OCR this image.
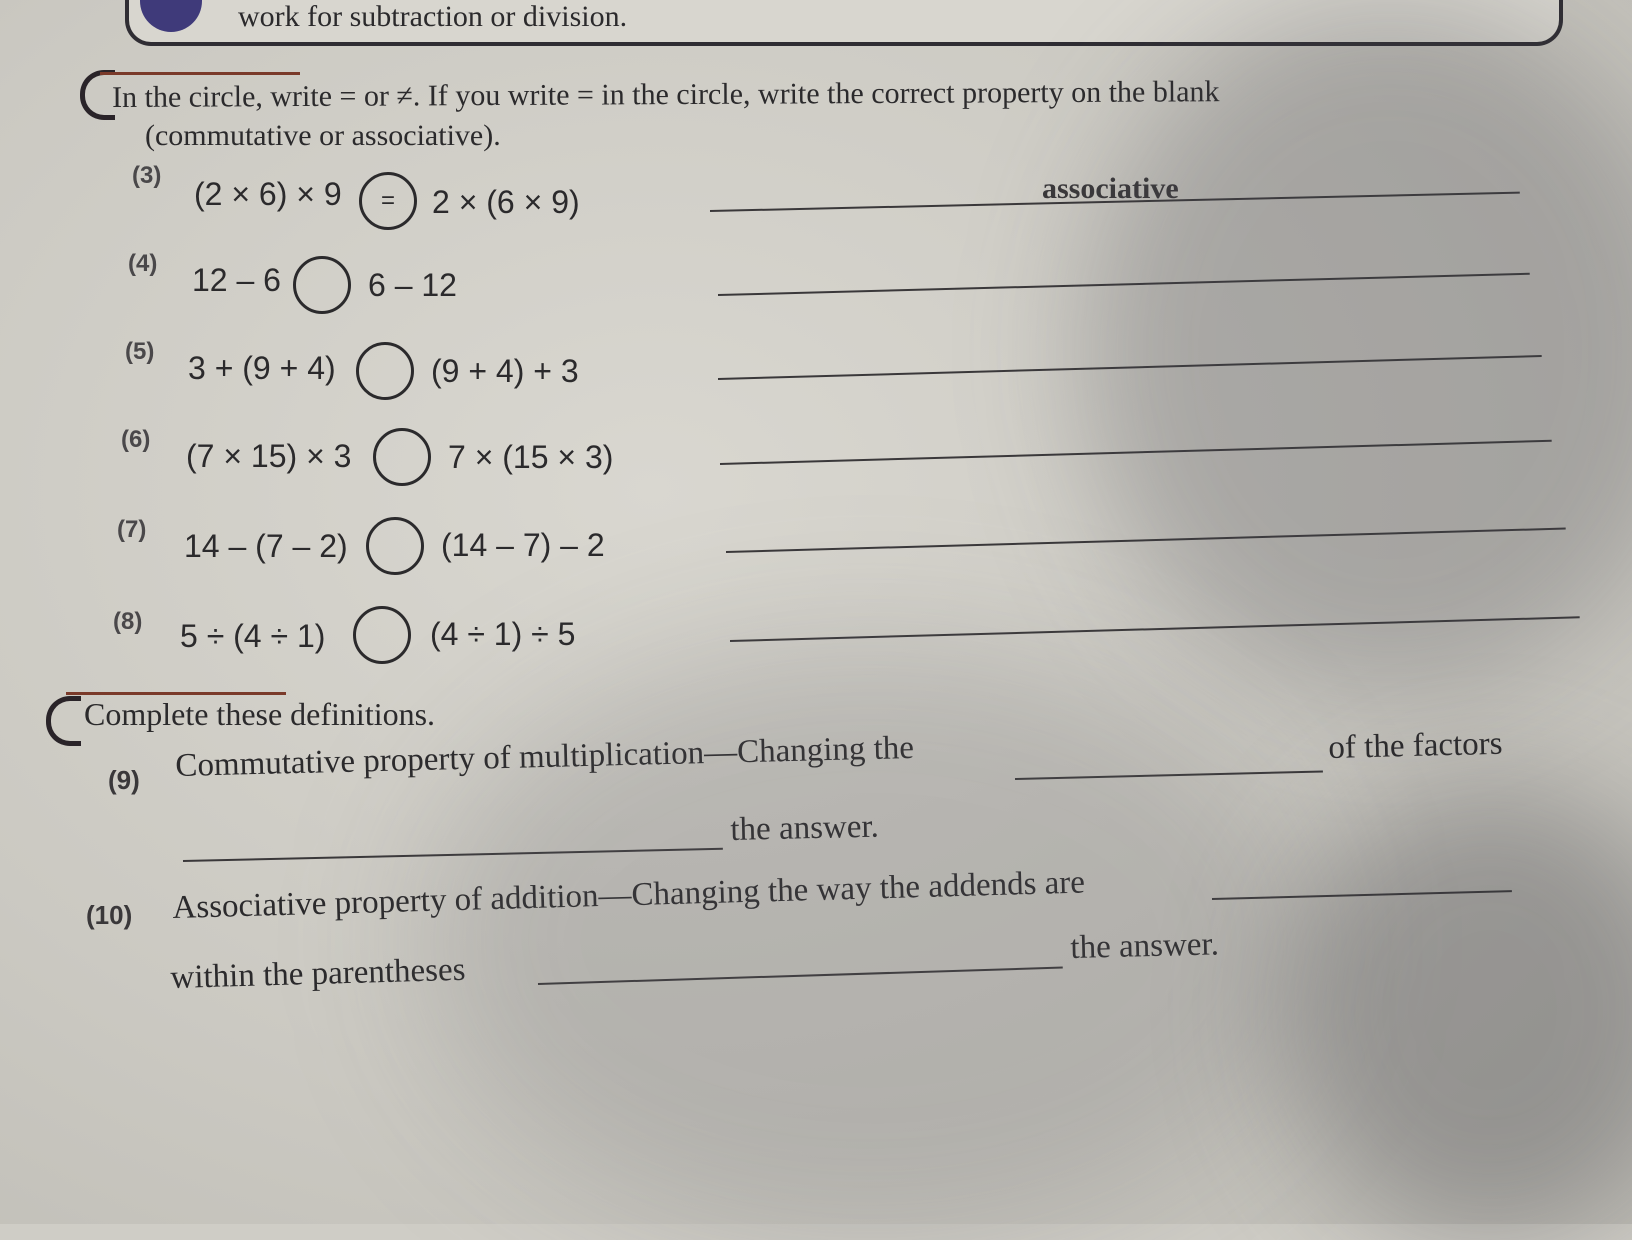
work for subtraction or division.
In the circle, write = or ≠. If you write = in the circle, write the correct property on the blank
(commutative or associative).
(3)
(2 × 6) × 9	=	2 × (6 × 9)	associative
(4) 12 – 6	6 – 12
(5) 3 + (9 + 4)	(9 + 4) + 3
(6) (7 × 15) × 3	7 × (15 × 3)
(7) 14 – (7 – 2)	(14 – 7) – 2
(8) 5 ÷ (4 ÷ 1)	(4 ÷ 1) ÷ 5
Complete these definitions.
(9) Commutative property of multiplication—Changing the	of the factors
the answer.
(10) Associative property of addition—Changing the way the addends are
within the parentheses
the answer.
